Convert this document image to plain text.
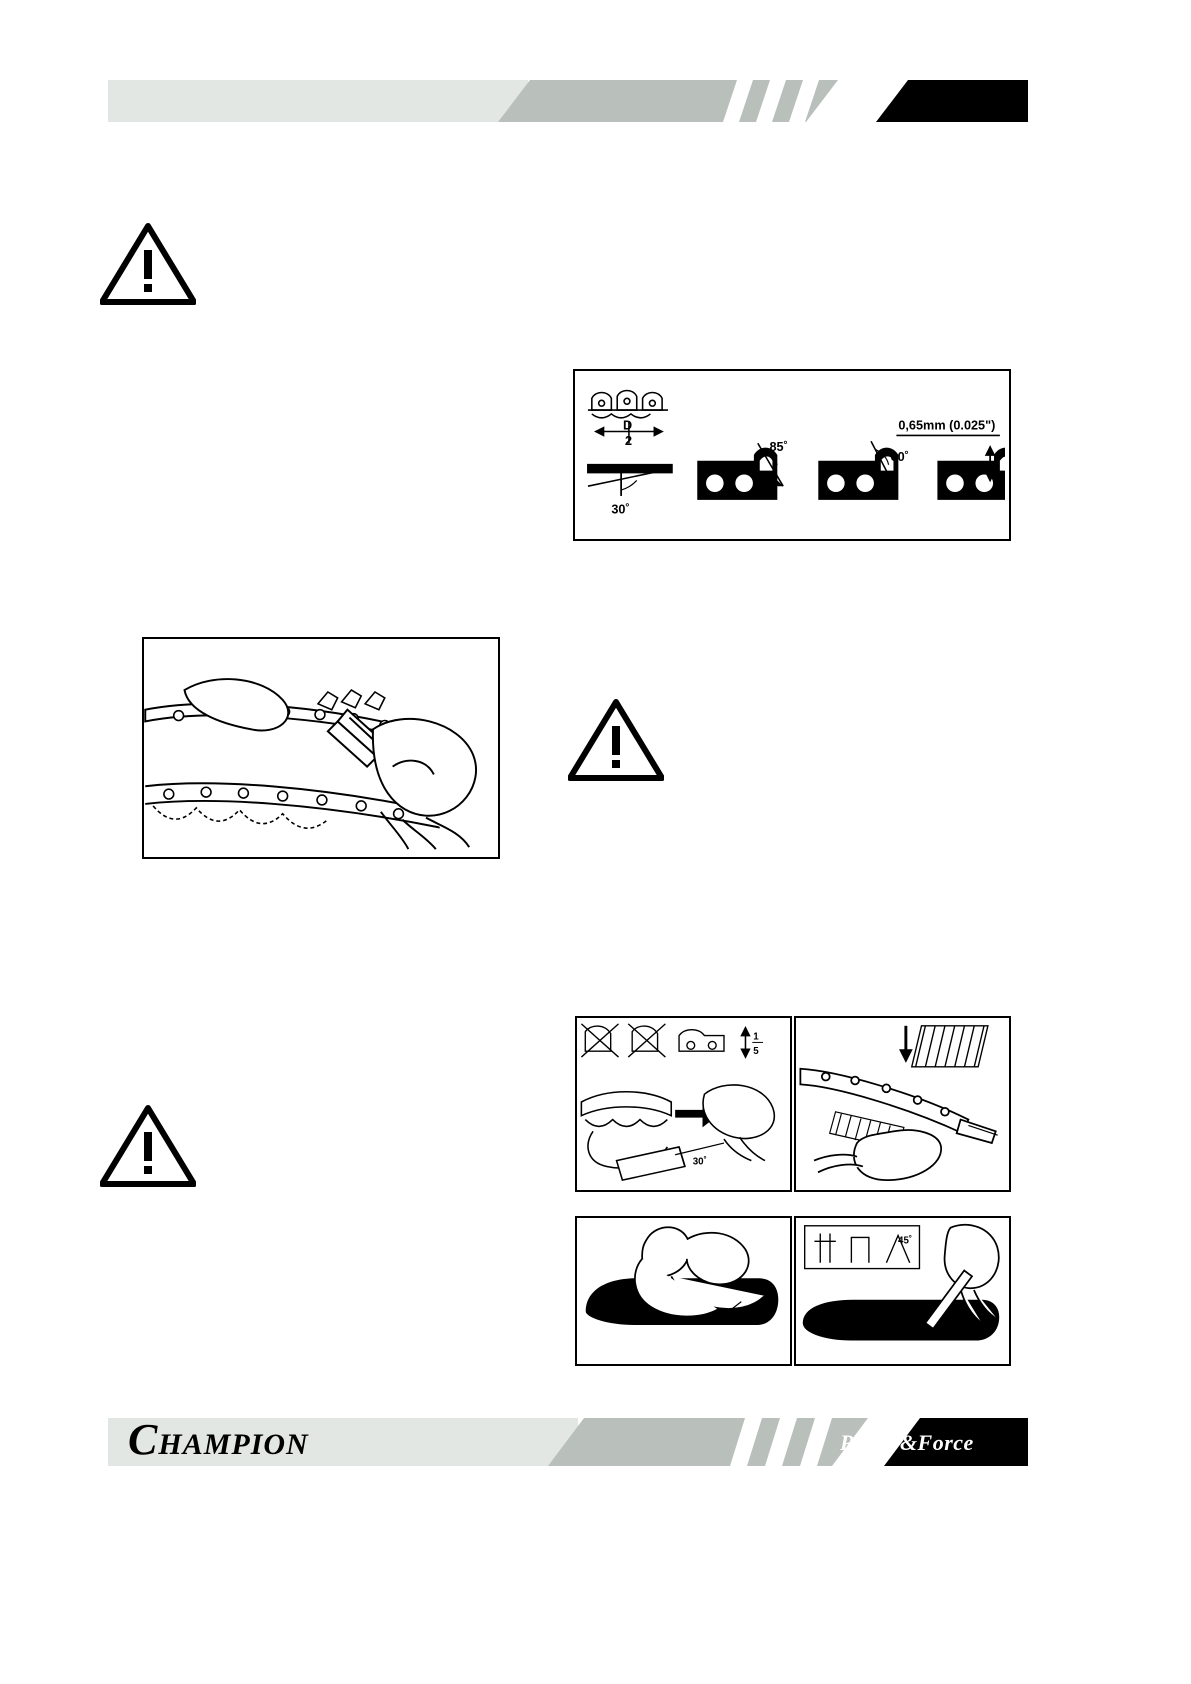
D
2
30˚
85˚
60˚
0,65mm (0.025")
1
5
30˚
45˚
CHAMPION	Power&Force
